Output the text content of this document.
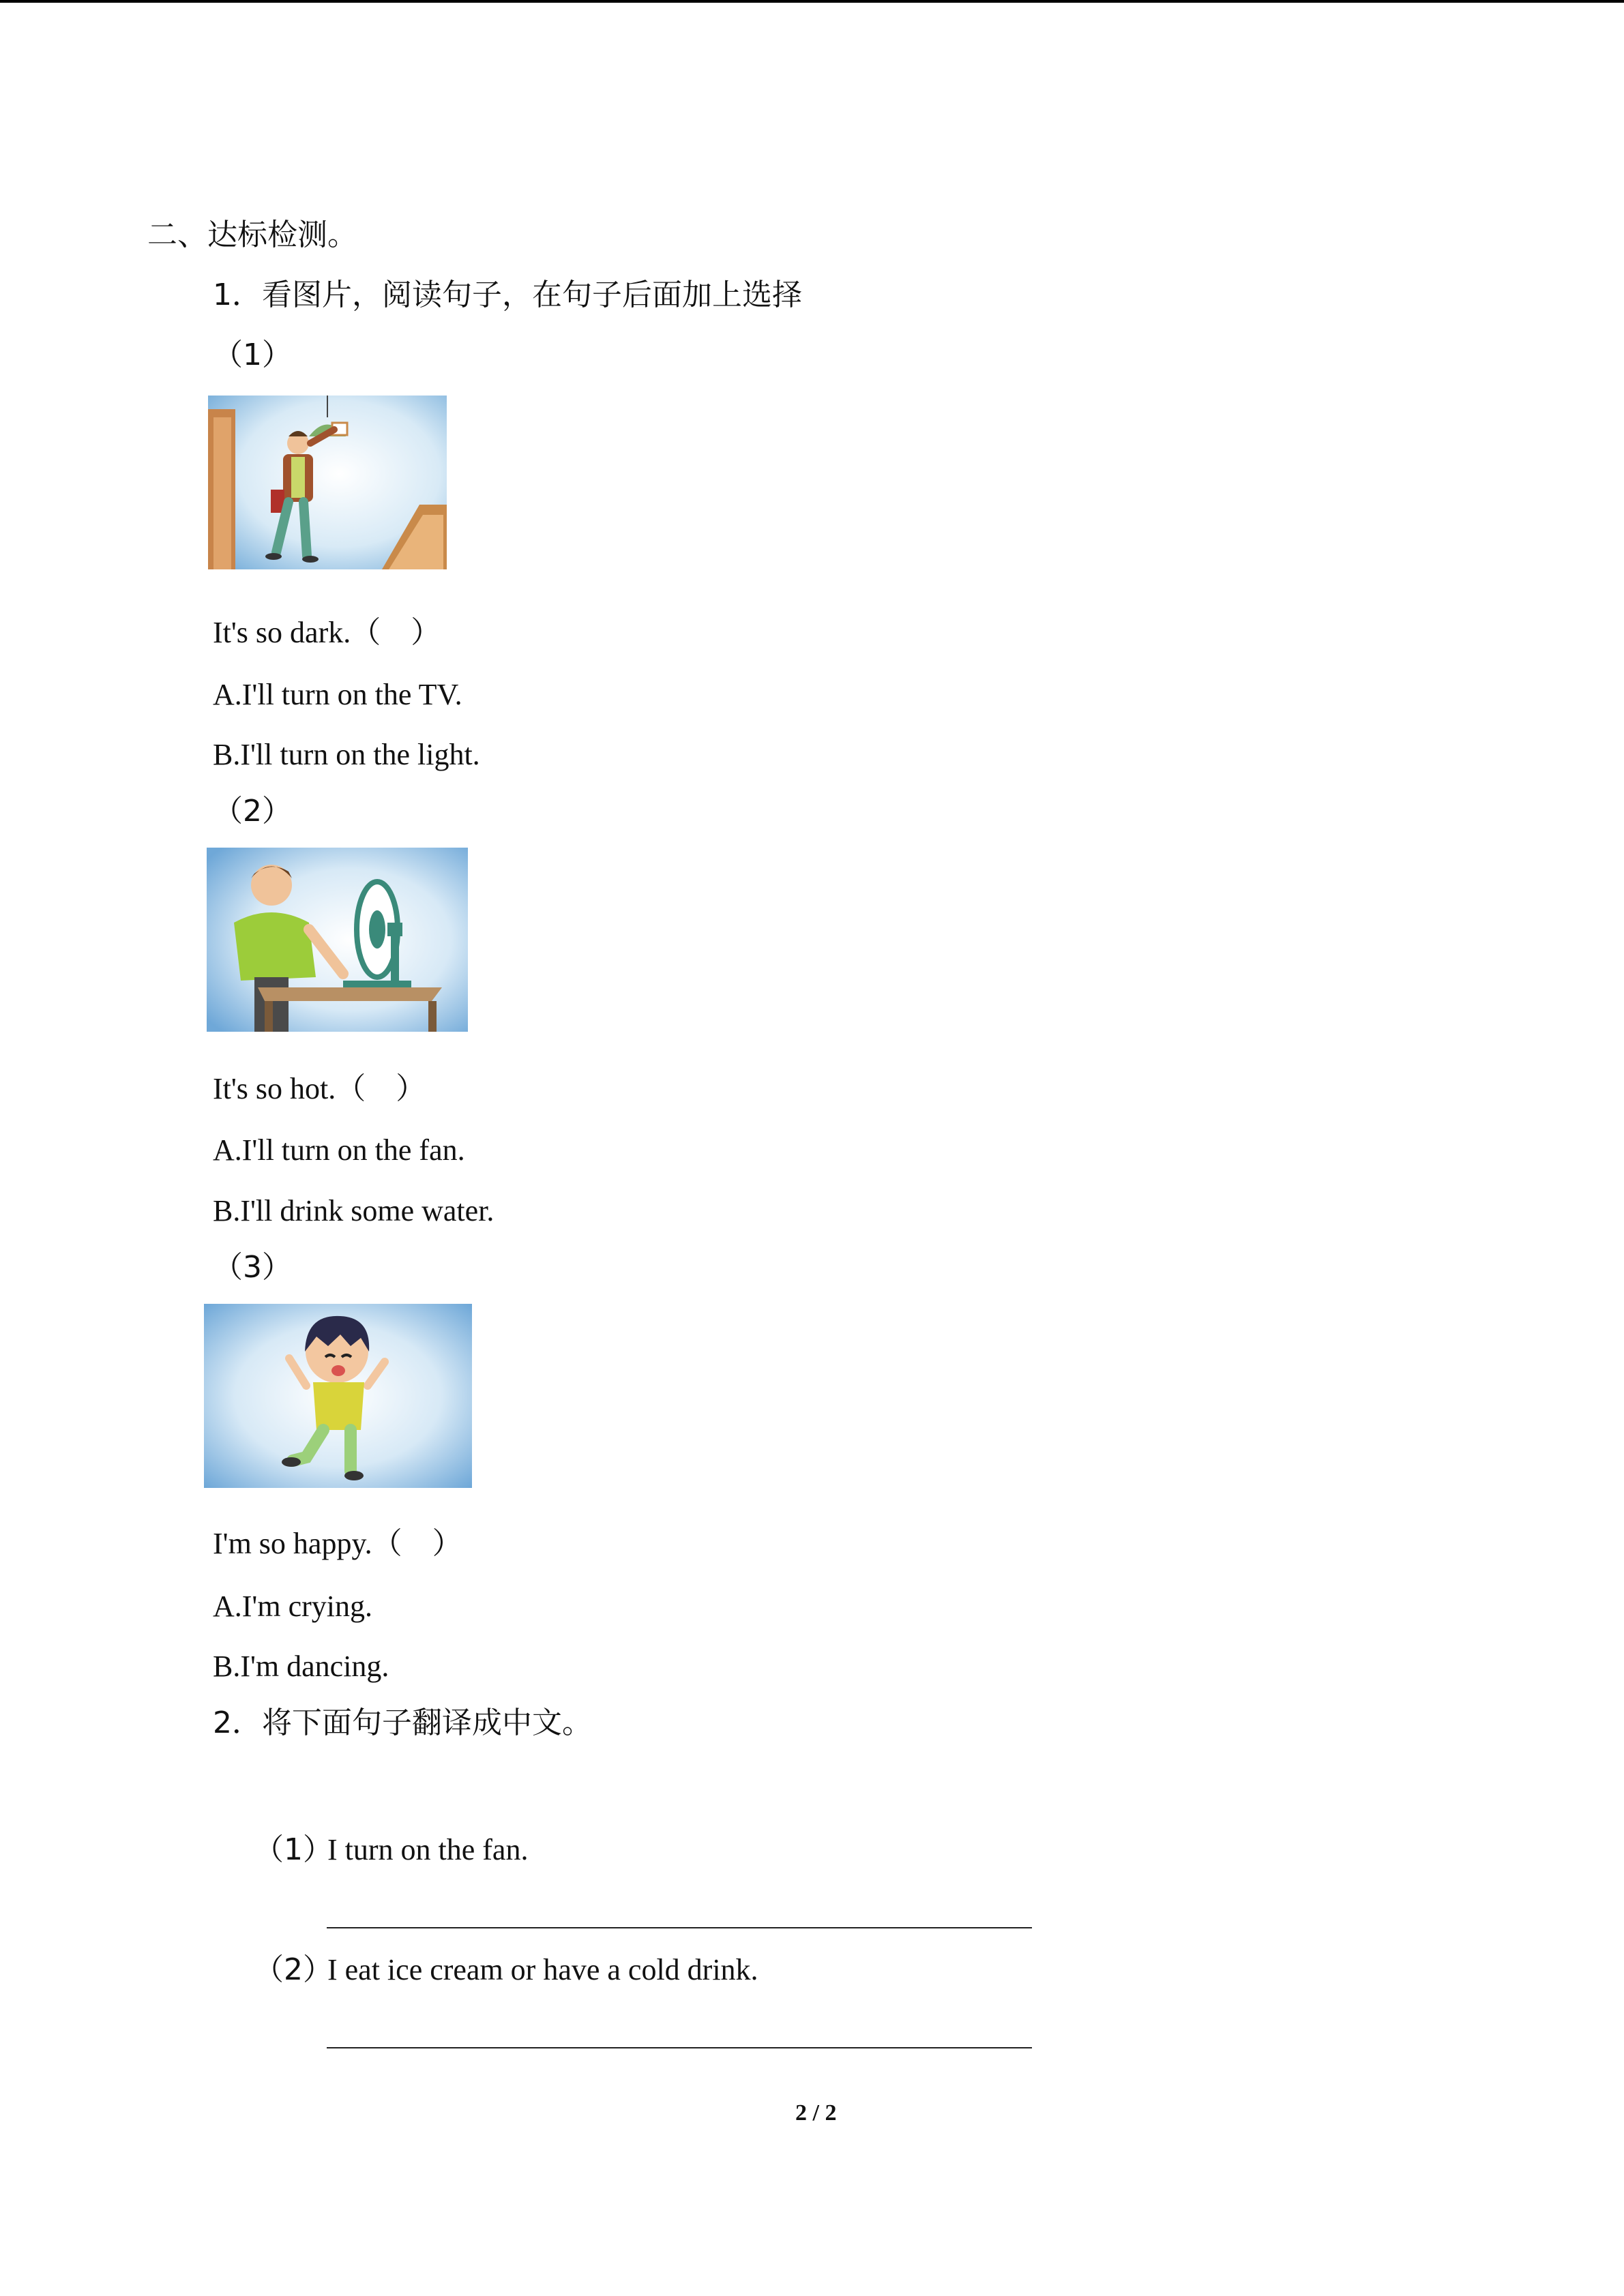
二、达标检测。
1．看图片，阅读句子，在句子后面加上选择
（1）
It's so dark.（　）
A.I'll turn on the TV.
B.I'll turn on the light.
（2）
It's so hot.（　）
A.I'll turn on the fan.
B.I'll drink some water.
（3）
I'm so happy.（　）
A.I'm crying.
B.I'm dancing.
2．将下面句子翻译成中文。
（1）
I turn on the fan.
（2）
I eat ice cream or have a cold drink.
2 / 2
